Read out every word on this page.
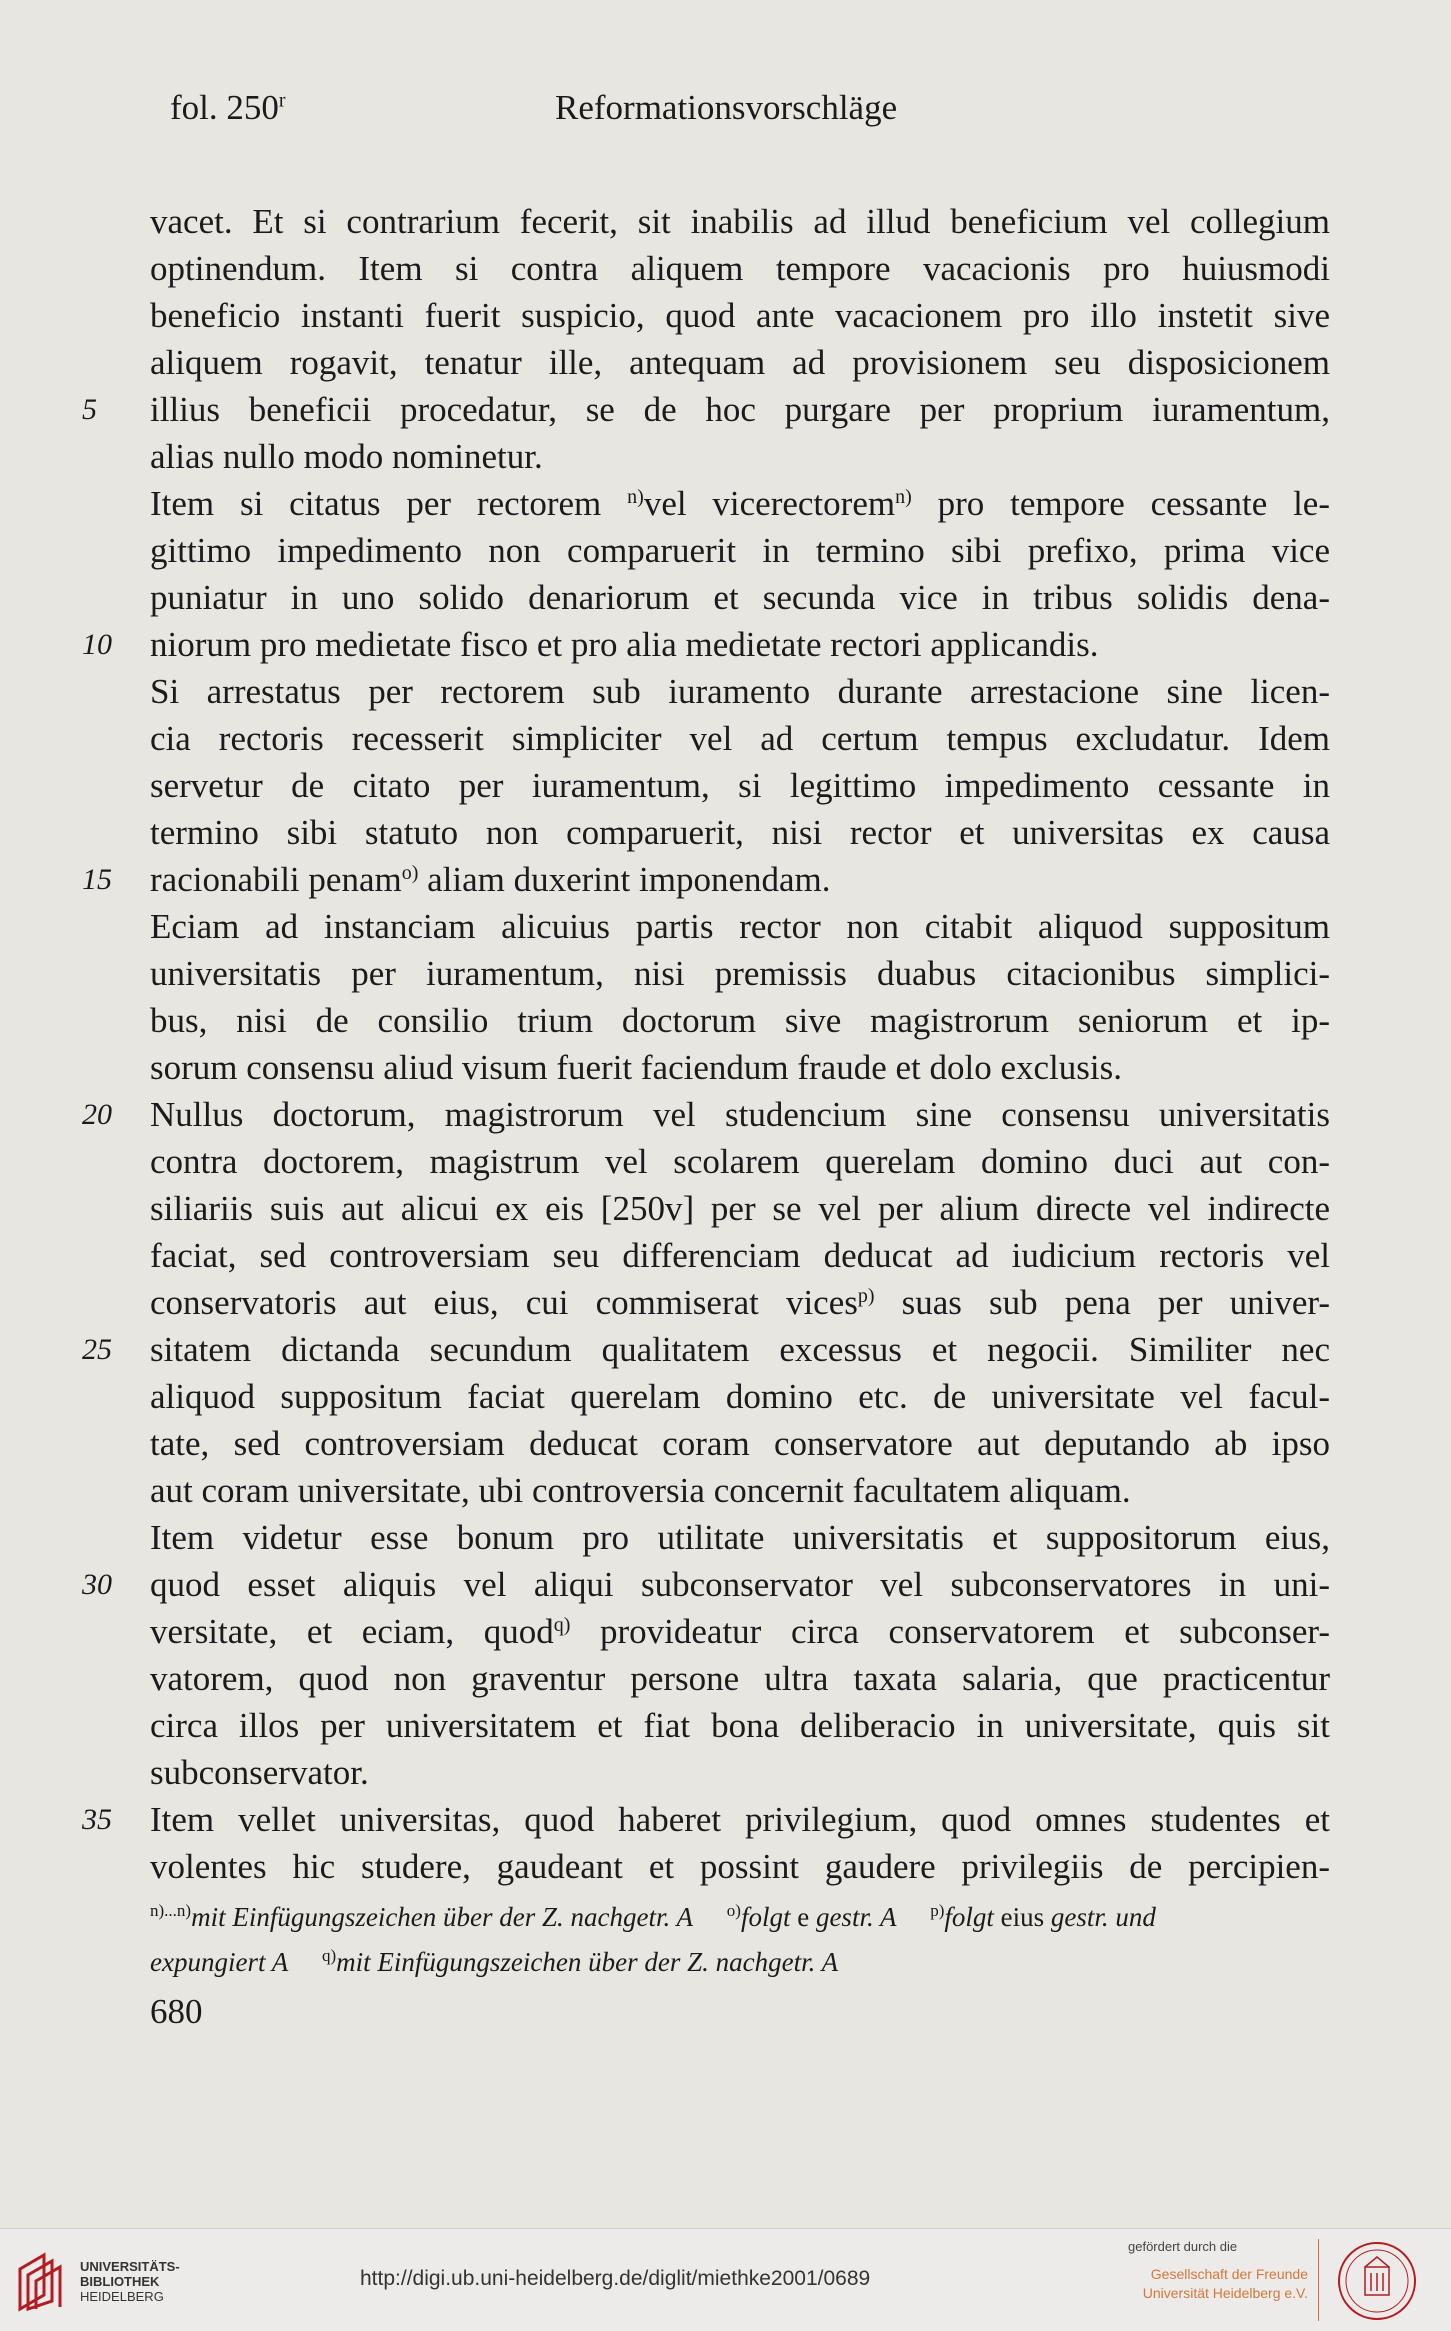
fol. 250$^r$	Reformationsvorschläge
vacet. Et si contrarium fecerit, sit inabilis ad illud beneficium vel collegium
optinendum. Item si contra aliquem tempore vacacionis pro huiusmodi
beneficio instanti fuerit suspicio, quod ante vacacionem pro illo instetit sive
aliquem rogavit, tenatur ille, antequam ad provisionem seu disposicionem
5	illius beneficii procedatur, se de hoc purgare per proprium iuramentum,
alias nullo modo nominetur.
Item si citatus per rectorem $^{n)}$vel vicerectorem$^{n)}$ pro tempore cessante le-
gittimo impedimento non comparuerit in termino sibi prefixo, prima vice
puniatur in uno solido denariorum et secunda vice in tribus solidis dena-
10 niorum pro medietate fisco et pro alia medietate rectori applicandis.
Si arrestatus per rectorem sub iuramento durante arrestacione sine licen-
cia rectoris recesserit simpliciter vel ad certum tempus excludatur. Idem
servetur de citato per iuramentum, si legittimo impedimento cessante in
termino sibi statuto non comparuerit, nisi rector et universitas ex causa
15 racionabili penam$^{o)}$ aliam duxerint imponendam.
Eciam ad instanciam alicuius partis rector non citabit aliquod suppositum
universitatis per iuramentum, nisi premissis duabus citacionibus simplici-
bus, nisi de consilio trium doctorum sive magistrorum seniorum et ip-
sorum consensu aliud visum fuerit faciendum fraude et dolo exclusis.
20 Nullus doctorum, magistrorum vel studencium sine consensu universitatis
contra doctorem, magistrum vel scolarem querelam domino duci aut con-
siliariis suis aut alicui ex eis [250v] per se vel per alium directe vel indirecte
faciat, sed controversiam seu differenciam deducat ad iudicium rectoris vel
conservatoris aut eius, cui commiserat vices$^{p)}$ suas sub pena per univer-
25 sitatem dictanda secundum qualitatem excessus et negocii. Similiter nec
aliquod suppositum faciat querelam domino etc. de universitate vel facul-
tate, sed controversiam deducat coram conservatore aut deputando ab ipso
aut coram universitate, ubi controversia concernit facultatem aliquam.
Item videtur esse bonum pro utilitate universitatis et suppositorum eius,
30 quod esset aliquis vel aliqui subconservator vel subconservatores in uni-
versitate, et eciam, quod$^{q)}$ provideatur circa conservatorem et subconser-
vatorem, quod non graventur persone ultra taxata salaria, que practicentur
circa illos per universitatem et fiat bona deliberacio in universitate, quis sit
subconservator.
35 Item vellet universitas, quod haberet privilegium, quod omnes studentes et
volentes hic studere, gaudeant et possint gaudere privilegiis de percipien-
$^{n)...n)}$mit Einfügungszeichen über der Z. nachgetr. A $^{o)}$folgt e gestr. A $^{p)}$folgt eius gestr. und
expungiert A $^{q)}$mit Einfügungszeichen über der Z. nachgetr. A
680
UNIVERSITÄTS-
BIBLIOTHEK
HEIDELBERG
http://digi.ub.uni-heidelberg.de/diglit/miethke2001/0689
gefördert durch die
Gesellschaft der Freunde
Universität Heidelberg e.V.
